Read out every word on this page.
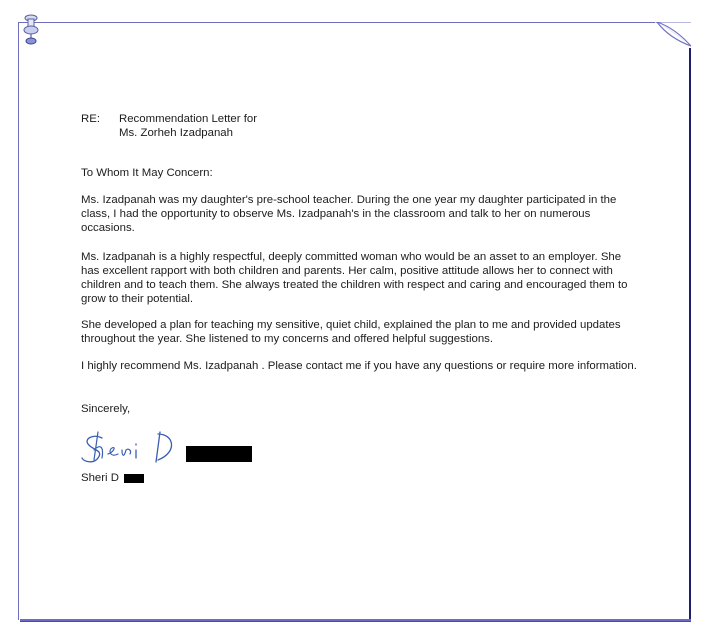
RE: Recommendation Letter for
Ms. Zorheh Izadpanah
To Whom It May Concern:
Ms. Izadpanah was my daughter's pre-school teacher. During the one year my daughter participated in the class, I had the opportunity to observe Ms. Izadpanah's in the classroom and talk to her on numerous occasions.
Ms. Izadpanah is a highly respectful, deeply committed woman who would be an asset to an employer. She has excellent rapport with both children and parents. Her calm, positive attitude allows her to connect with children and to teach them. She always treated the children with respect and caring and encouraged them to grow to their potential.
She developed a plan for teaching my sensitive, quiet child, explained the plan to me and provided updates throughout the year. She listened to my concerns and offered helpful suggestions.
I highly recommend Ms. Izadpanah . Please contact me if you have any questions or require more information.
Sincerely,
Sheri D
